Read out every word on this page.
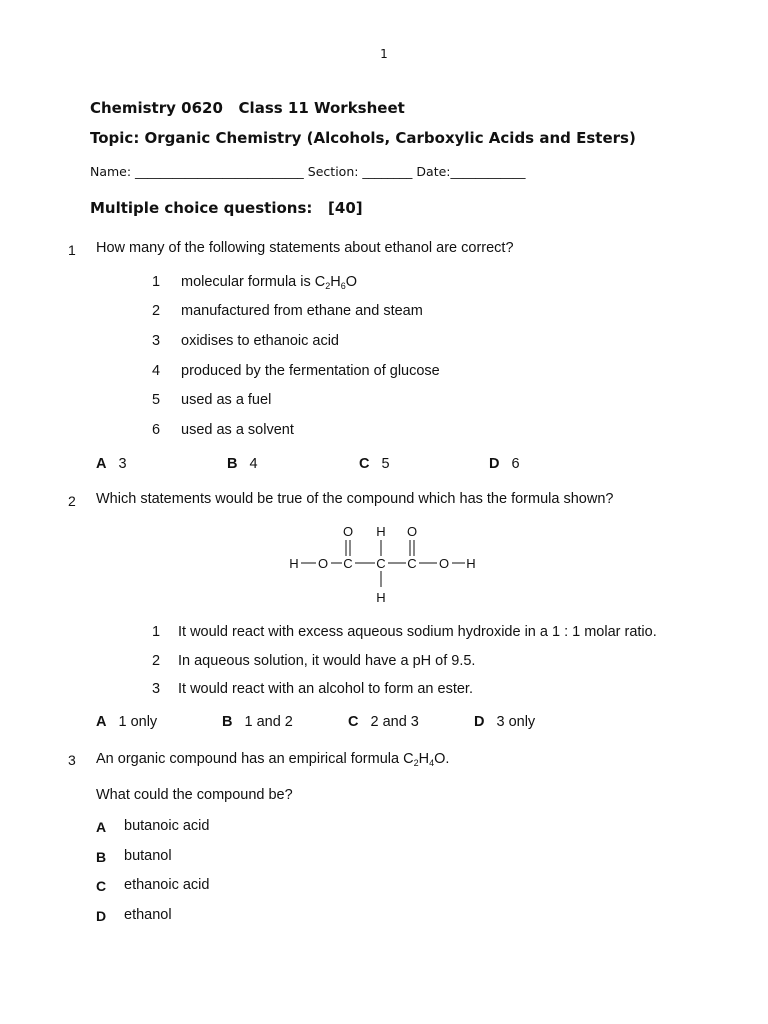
1
Chemistry 0620   Class 11 Worksheet
Topic: Organic Chemistry (Alcohols, Carboxylic Acids and Esters)
Name: ___________________________ Section: ________ Date:____________
Multiple choice questions:   [40]
1 How many of the following statements about ethanol are correct?
1 molecular formula is $C_2H_6O$
2 manufactured from ethane and steam
3 oxidises to ethanoic acid
4 produced by the fermentation of glucose
5 used as a fuel
6 used as a solvent
A 3	B 4	C 5	D 6
2 Which statements would be true of the compound which has the formula shown?
O H O
H O C C C O H
H
1 It would react with excess aqueous sodium hydroxide in a 1 : 1 molar ratio.
2 In aqueous solution, it would have a pH of 9.5.
3 It would react with an alcohol to form an ester.
A 1 only	B 1 and 2	C 2 and 3	D 3 only
3 An organic compound has an empirical formula $C_2H_4O$.
What could the compound be?
A butanoic acid
B butanol
C ethanoic acid
D ethanol
